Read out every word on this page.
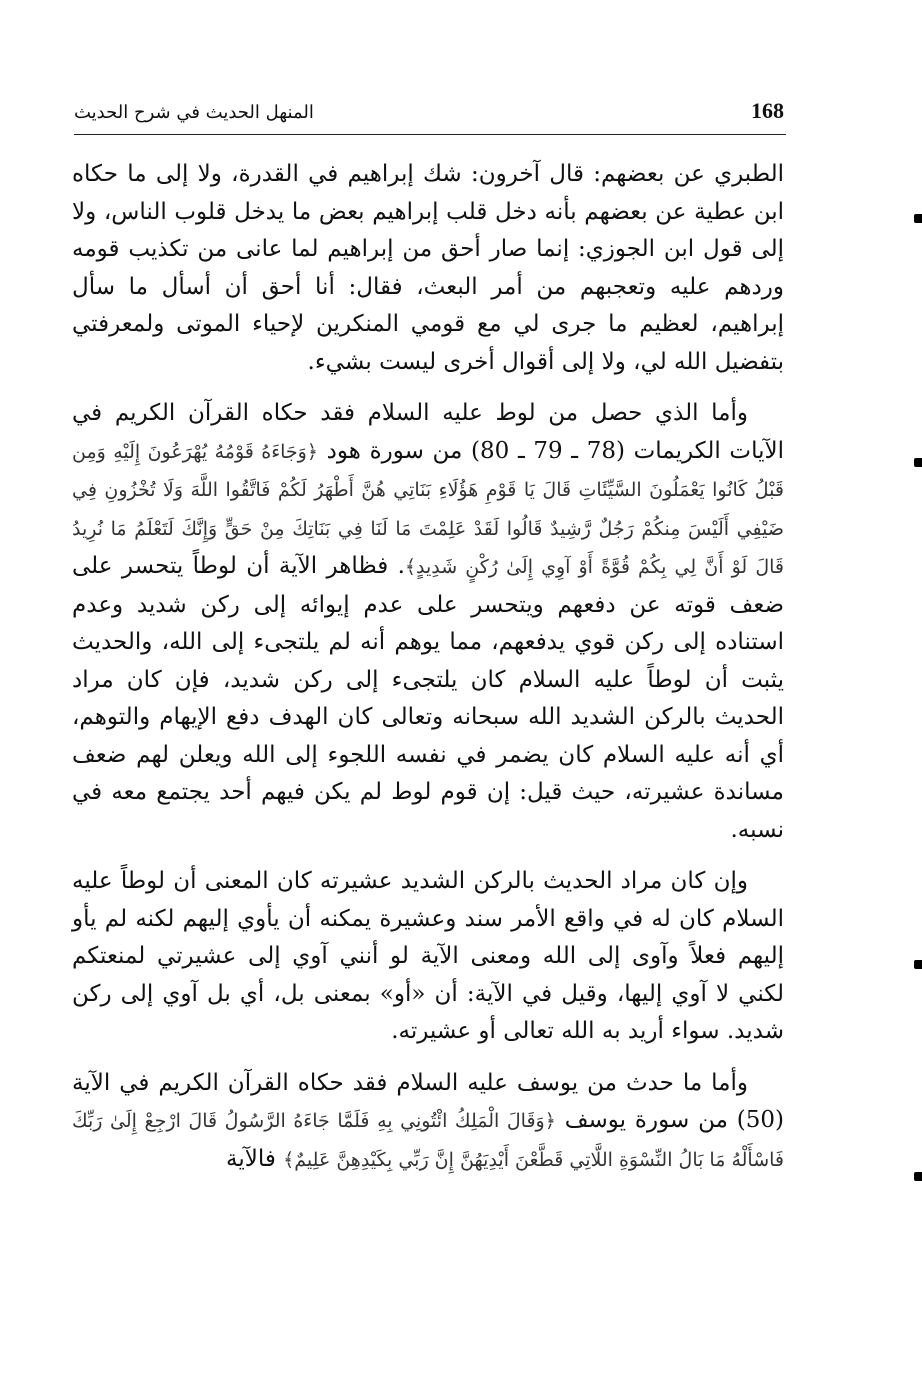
168
المنهل الحديث في شرح الحديث

الطبري عن بعضهم: قال آخرون: شك إبراهيم في القدرة، ولا إلى ما حكاه ابن عطية عن بعضهم بأنه دخل قلب إبراهيم بعض ما يدخل قلوب الناس، ولا إلى قول ابن الجوزي: إنما صار أحق من إبراهيم لما عانى من تكذيب قومه وردهم عليه وتعجبهم من أمر البعث، فقال: أنا أحق أن أسأل ما سأل إبراهيم، لعظيم ما جرى لي مع قومي المنكرين لإحياء الموتى ولمعرفتي بتفضيل الله لي، ولا إلى أقوال أخرى ليست بشيء.

وأما الذي حصل من لوط عليه السلام فقد حكاه القرآن الكريم في الآيات الكريمات (78 ـ 79 ـ 80) من سورة هود ﴿وَجَاءَهُ قَوْمُهُ يُهْرَعُونَ إِلَيْهِ وَمِن قَبْلُ كَانُوا يَعْمَلُونَ السَّيِّئَاتِ قَالَ يَا قَوْمِ هَؤُلَاءِ بَنَاتِي هُنَّ أَطْهَرُ لَكُمْ فَاتَّقُوا اللَّهَ وَلَا تُخْزُونِ فِي ضَيْفِي أَلَيْسَ مِنكُمْ رَجُلٌ رَّشِيدٌ قَالُوا لَقَدْ عَلِمْتَ مَا لَنَا فِي بَنَاتِكَ مِنْ حَقٍّ وَإِنَّكَ لَتَعْلَمُ مَا نُرِيدُ قَالَ لَوْ أَنَّ لِي بِكُمْ قُوَّةً أَوْ آوِي إِلَىٰ رُكْنٍ شَدِيدٍ﴾. فظاهر الآية أن لوطاً يتحسر على ضعف قوته عن دفعهم ويتحسر على عدم إيوائه إلى ركن شديد وعدم استناده إلى ركن قوي يدفعهم، مما يوهم أنه لم يلتجىء إلى الله، والحديث يثبت أن لوطاً عليه السلام كان يلتجىء إلى ركن شديد، فإن كان مراد الحديث بالركن الشديد الله سبحانه وتعالى كان الهدف دفع الإيهام والتوهم، أي أنه عليه السلام كان يضمر في نفسه اللجوء إلى الله ويعلن لهم ضعف مساندة عشيرته، حيث قيل: إن قوم لوط لم يكن فيهم أحد يجتمع معه في نسبه.

وإن كان مراد الحديث بالركن الشديد عشيرته كان المعنى أن لوطاً عليه السلام كان له في واقع الأمر سند وعشيرة يمكنه أن يأوي إليهم لكنه لم يأو إليهم فعلاً وآوى إلى الله ومعنى الآية لو أنني آوي إلى عشيرتي لمنعتكم لكني لا آوي إليها، وقيل في الآية: أن «أو» بمعنى بل، أي بل آوي إلى ركن شديد. سواء أريد به الله تعالى أو عشيرته.

وأما ما حدث من يوسف عليه السلام فقد حكاه القرآن الكريم في الآية (50) من سورة يوسف ﴿وَقَالَ الْمَلِكُ ائْتُونِي بِهِ فَلَمَّا جَاءَهُ الرَّسُولُ قَالَ ارْجِعْ إِلَىٰ رَبِّكَ فَاسْأَلْهُ مَا بَالُ النِّسْوَةِ اللَّاتِي قَطَّعْنَ أَيْدِيَهُنَّ إِنَّ رَبِّي بِكَيْدِهِنَّ عَلِيمٌ﴾ فالآية
